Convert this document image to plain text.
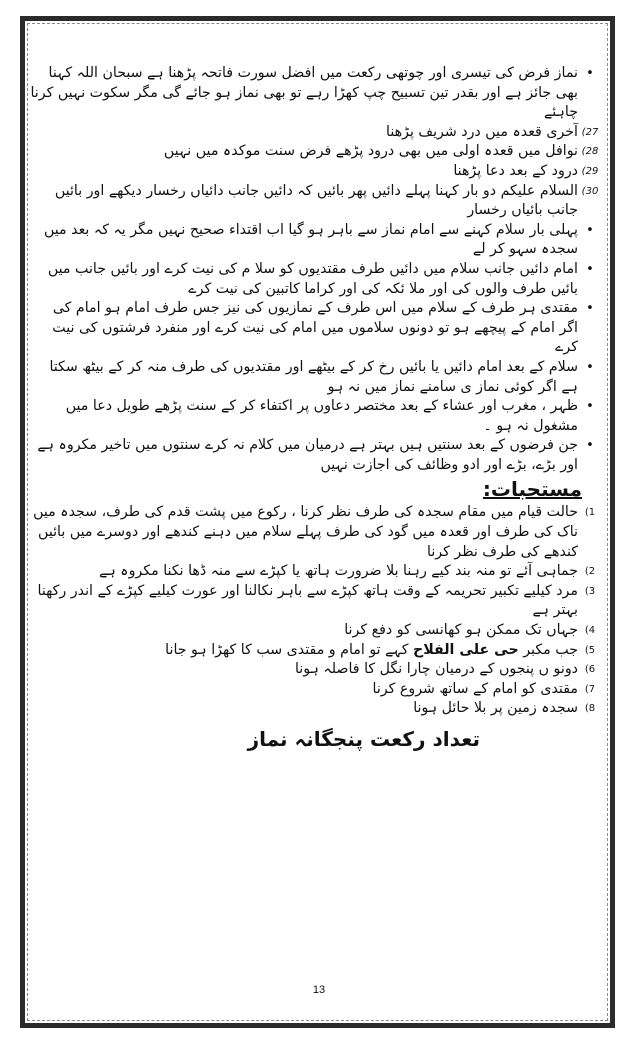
•
نماز فرض کی تیسری اور چوتھی رکعت میں افضل سورت فاتحہ پڑھنا ہے سبحان اللہ کہنا بھی جائز ہے اور بقدر تین تسبیح چپ کھڑا رہے تو بھی نماز ہو جائے گی مگر سکوت نہیں کرنا چاہئے
27)
آخری قعدہ میں درد شریف پڑھنا
28)
نوافل میں قعدہ اولی میں بھی درود پڑھے فرض سنت موکدہ میں نہیں
29)
درود کے بعد دعا پڑھنا
30)
السلام علیکم دو بار کہنا پہلے دائیں پھر بائیں کہ دائیں جانب دائیاں رخسار دیکھے اور بائیں جانب بائیاں رخسار
•
پہلی بار سلام کہنے سے امام نماز سے باہر ہو گیا اب اقتداء صحیح نہیں مگر یہ کہ بعد میں سجدہ سہو کر لے
•
امام دائیں جانب سلام میں دائیں طرف مقتدیوں کو سلا م کی نیت کرے اور بائیں جانب میں بائیں طرف والوں کی اور ملا ئکہ کی اور کراما کاتبین کی نیت کرے
•
مقتدی ہر طرف کے سلام میں اس طرف کے نمازیوں کی نیز جس طرف امام ہو امام کی اگر امام کے پیچھے ہو تو دونوں سلاموں میں امام کی نیت کرے اور منفرد فرشتوں کی نیت کرے
•
سلام کے بعد امام دائیں یا بائیں رخ کر کے بیٹھے اور مقتدیوں کی طرف منہ کر کے بیٹھ سکتا ہے اگر کوئی نماز ی سامنے نماز میں نہ ہو
•
ظہر ، مغرب اور عشاء کے بعد مختصر دعاوں پر اکتفاء کر کے سنت پڑھے طویل دعا میں مشغول نہ ہو ۔
•
جن فرضوں کے بعد سنتیں ہیں بہتر ہے درمیان میں کلام نہ کرے سنتوں میں تاخیر مکروہ ہے اور بڑے، بڑے اور ادو وظائف کی اجازت نہیں
مستحبات:
1)
حالت قیام میں مقام سجدہ کی طرف نظر کرنا ، رکوع میں پشت قدم کی طرف، سجدہ میں ناک کی طرف اور قعدہ میں گود کی طرف پہلے سلام میں دہنے کندھے اور دوسرے میں بائیں کندھے کی طرف نظر کرنا
2)
جماہی آئے تو منہ بند کیے رہنا بلا ضرورت ہاتھ یا کپڑے سے منہ ڈھا نکنا مکروہ ہے
3)
مرد کیلیے تکبیر تحریمہ کے وقت ہاتھ کپڑے سے باہر نکالنا اور عورت کیلیے کپڑے کے اندر رکھنا بہتر ہے
4)
جہاں تک ممکن ہو کھانسی کو دفع کرنا
5)
جب مکبر حی علی الفلاح کہے تو امام و مقتدی سب کا کھڑا ہو جانا
6)
دونو ں پنجوں کے درمیان چارا نگل کا فاصلہ ہونا
7)
مقتدی کو امام کے ساتھ شروع کرنا
8)
سجدہ زمین پر بلا حائل ہونا
تعداد رکعت پنجگانہ نماز
13
